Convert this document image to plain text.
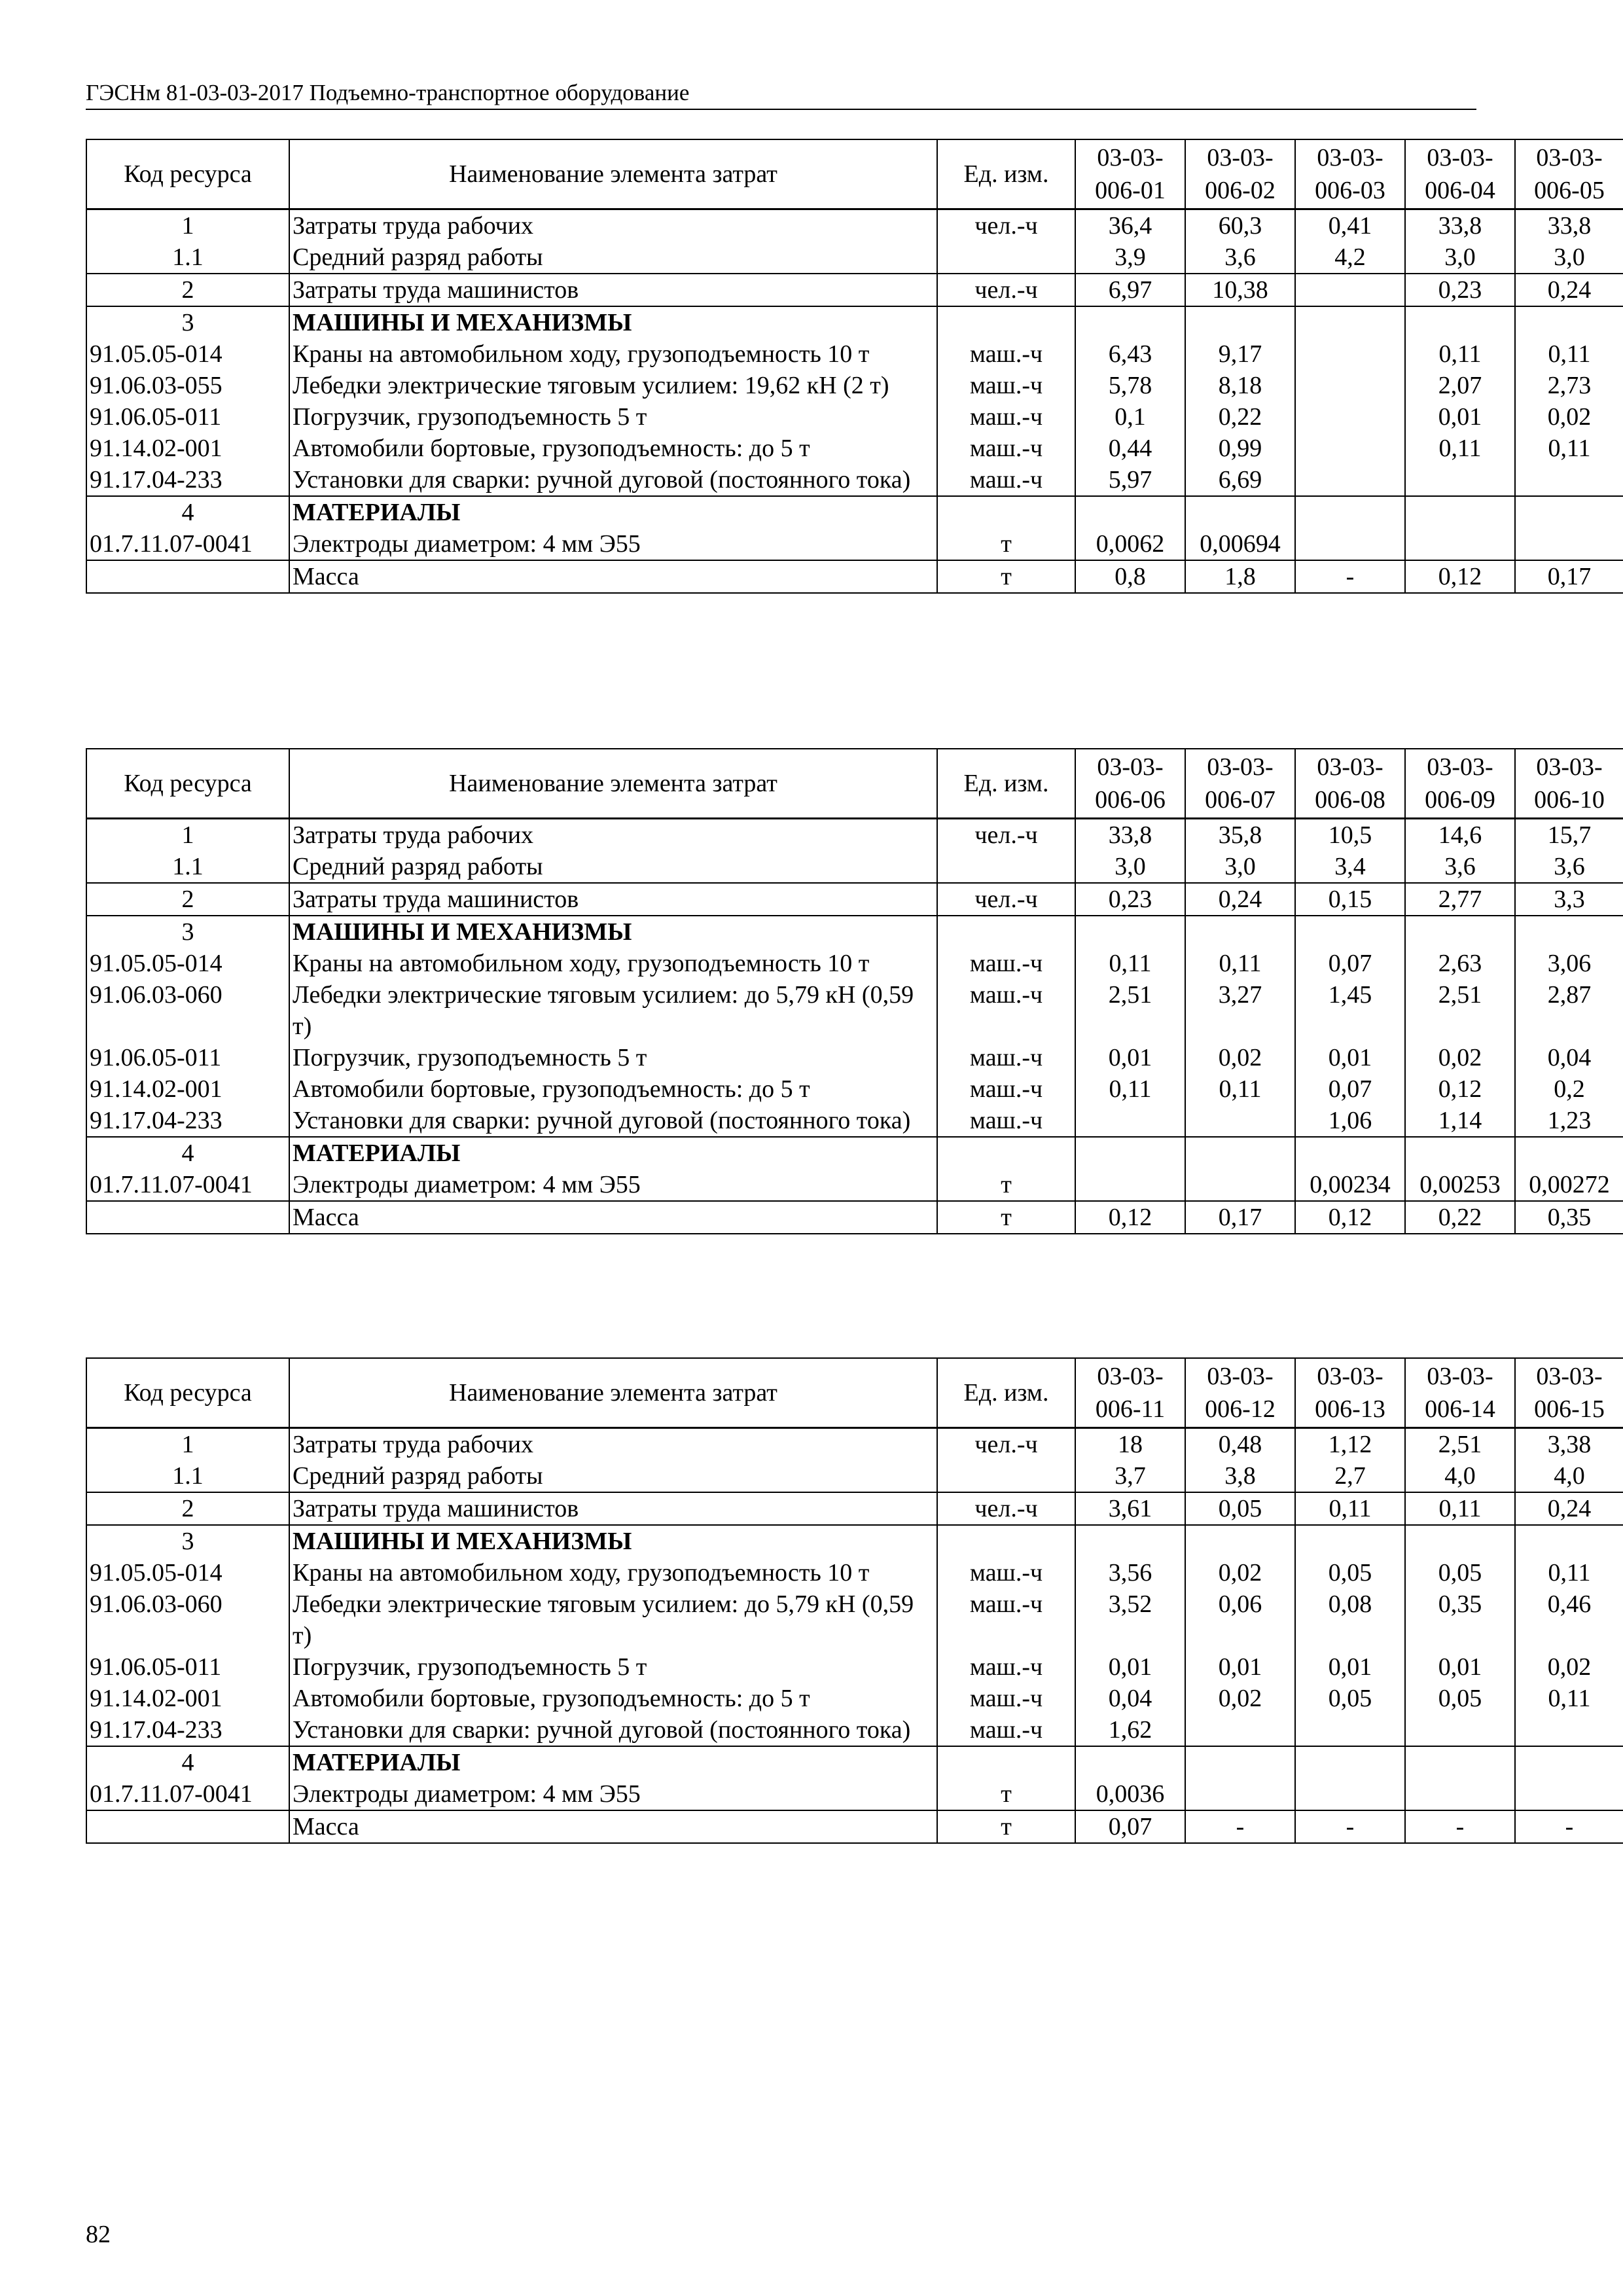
ГЭСНм 81-03-03-2017 Подъемно-транспортное оборудование
Код ресурса	Наименование элемента затрат	Ед. изм.	03-03-006-01	03-03-006-02	03-03-006-03	03-03-006-04	03-03-006-05
1	Затраты труда рабочих	чел.-ч	36,4	60,3	0,41	33,8	33,8
1.1	Средний разряд работы		3,9	3,6	4,2	3,0	3,0
2	Затраты труда машинистов	чел.-ч	6,97	10,38		0,23	0,24
3	МАШИНЫ И МЕХАНИЗМЫ						
91.05.05-014	Краны на автомобильном ходу, грузоподъемность 10 т	маш.-ч	6,43	9,17		0,11	0,11
91.06.03-055	Лебедки электрические тяговым усилием: 19,62 кН (2 т)	маш.-ч	5,78	8,18		2,07	2,73
91.06.05-011	Погрузчик, грузоподъемность 5 т	маш.-ч	0,1	0,22		0,01	0,02
91.14.02-001	Автомобили бортовые, грузоподъемность: до 5 т	маш.-ч	0,44	0,99		0,11	0,11
91.17.04-233	Установки для сварки: ручной дуговой (постоянного тока)	маш.-ч	5,97	6,69			
4	МАТЕРИАЛЫ						
01.7.11.07-0041	Электроды диаметром: 4 мм Э55	т	0,0062	0,00694			
	Масса	т	0,8	1,8	-	0,12	0,17
Код ресурса	Наименование элемента затрат	Ед. изм.	03-03-006-06	03-03-006-07	03-03-006-08	03-03-006-09	03-03-006-10
1	Затраты труда рабочих	чел.-ч	33,8	35,8	10,5	14,6	15,7
1.1	Средний разряд работы		3,0	3,0	3,4	3,6	3,6
2	Затраты труда машинистов	чел.-ч	0,23	0,24	0,15	2,77	3,3
3	МАШИНЫ И МЕХАНИЗМЫ						
91.05.05-014	Краны на автомобильном ходу, грузоподъемность 10 т	маш.-ч	0,11	0,11	0,07	2,63	3,06
91.06.03-060	Лебедки электрические тяговым усилием: до 5,79 кН (0,59 т)	маш.-ч	2,51	3,27	1,45	2,51	2,87
91.06.05-011	Погрузчик, грузоподъемность 5 т	маш.-ч	0,01	0,02	0,01	0,02	0,04
91.14.02-001	Автомобили бортовые, грузоподъемность: до 5 т	маш.-ч	0,11	0,11	0,07	0,12	0,2
91.17.04-233	Установки для сварки: ручной дуговой (постоянного тока)	маш.-ч			1,06	1,14	1,23
4	МАТЕРИАЛЫ						
01.7.11.07-0041	Электроды диаметром: 4 мм Э55	т			0,00234	0,00253	0,00272
	Масса	т	0,12	0,17	0,12	0,22	0,35
Код ресурса	Наименование элемента затрат	Ед. изм.	03-03-006-11	03-03-006-12	03-03-006-13	03-03-006-14	03-03-006-15
1	Затраты труда рабочих	чел.-ч	18	0,48	1,12	2,51	3,38
1.1	Средний разряд работы		3,7	3,8	2,7	4,0	4,0
2	Затраты труда машинистов	чел.-ч	3,61	0,05	0,11	0,11	0,24
3	МАШИНЫ И МЕХАНИЗМЫ						
91.05.05-014	Краны на автомобильном ходу, грузоподъемность 10 т	маш.-ч	3,56	0,02	0,05	0,05	0,11
91.06.03-060	Лебедки электрические тяговым усилием: до 5,79 кН (0,59 т)	маш.-ч	3,52	0,06	0,08	0,35	0,46
91.06.05-011	Погрузчик, грузоподъемность 5 т	маш.-ч	0,01	0,01	0,01	0,01	0,02
91.14.02-001	Автомобили бортовые, грузоподъемность: до 5 т	маш.-ч	0,04	0,02	0,05	0,05	0,11
91.17.04-233	Установки для сварки: ручной дуговой (постоянного тока)	маш.-ч	1,62				
4	МАТЕРИАЛЫ						
01.7.11.07-0041	Электроды диаметром: 4 мм Э55	т	0,0036				
	Масса	т	0,07	-	-	-	-
82
